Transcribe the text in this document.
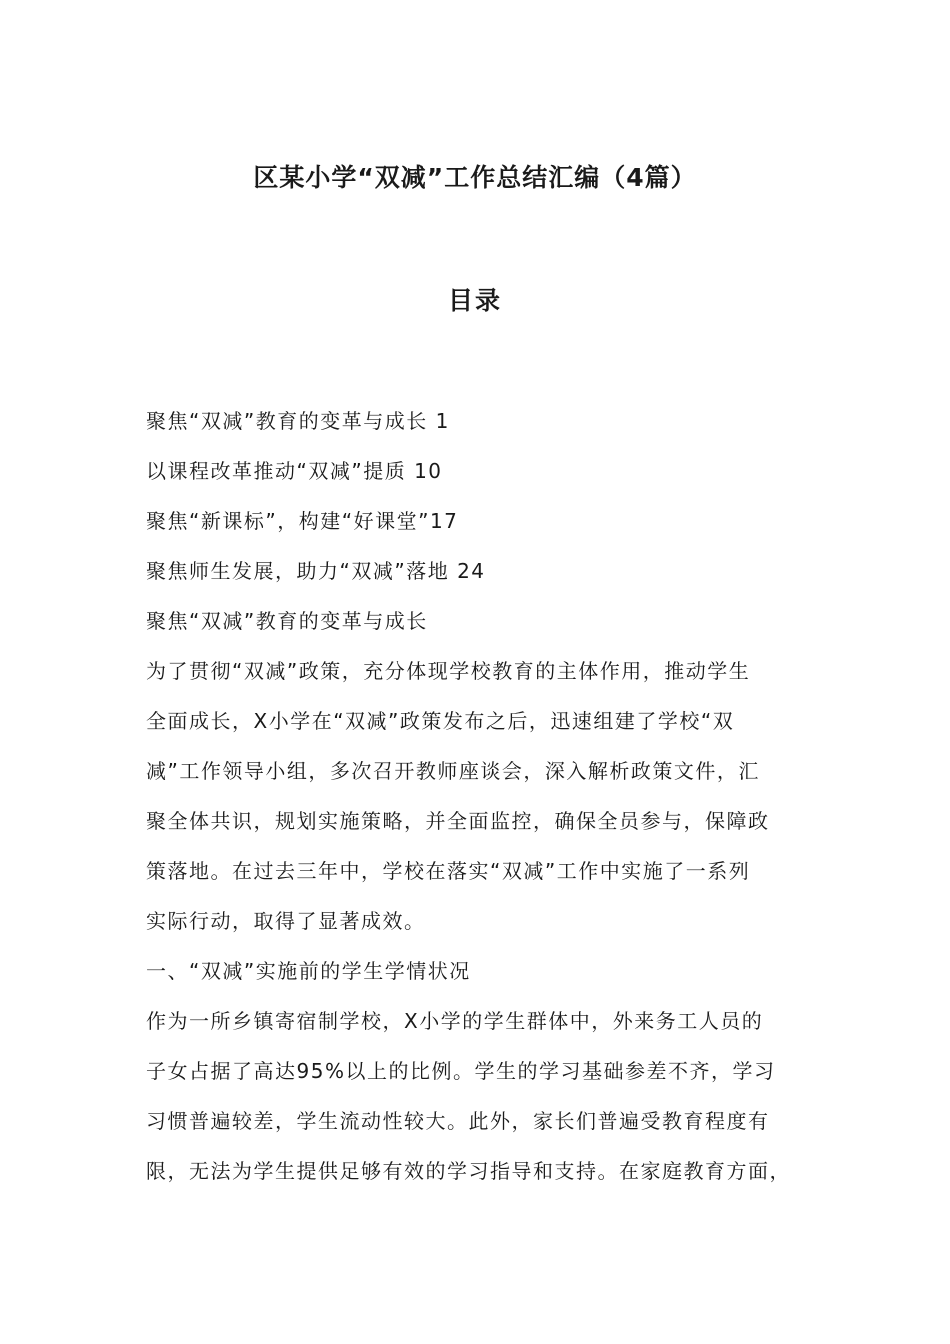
区某小学“双减”工作总结汇编（4篇）
目录
聚焦“双减”教育的变革与成长 1
以课程改革推动“双减”提质 10
聚焦“新课标”，构建“好课堂”17
聚焦师生发展，助力“双减”落地 24
聚焦“双减”教育的变革与成长
为了贯彻“双减”政策，充分体现学校教育的主体作用，推动学生
全面成长，X小学在“双减”政策发布之后，迅速组建了学校“双
减”工作领导小组，多次召开教师座谈会，深入解析政策文件，汇
聚全体共识，规划实施策略，并全面监控，确保全员参与，保障政
策落地。在过去三年中，学校在落实“双减”工作中实施了一系列
实际行动，取得了显著成效。
一、“双减”实施前的学生学情状况
作为一所乡镇寄宿制学校，X小学的学生群体中，外来务工人员的
子女占据了高达95%以上的比例。学生的学习基础参差不齐，学习
习惯普遍较差，学生流动性较大。此外，家长们普遍受教育程度有
限，无法为学生提供足够有效的学习指导和支持。在家庭教育方面，
